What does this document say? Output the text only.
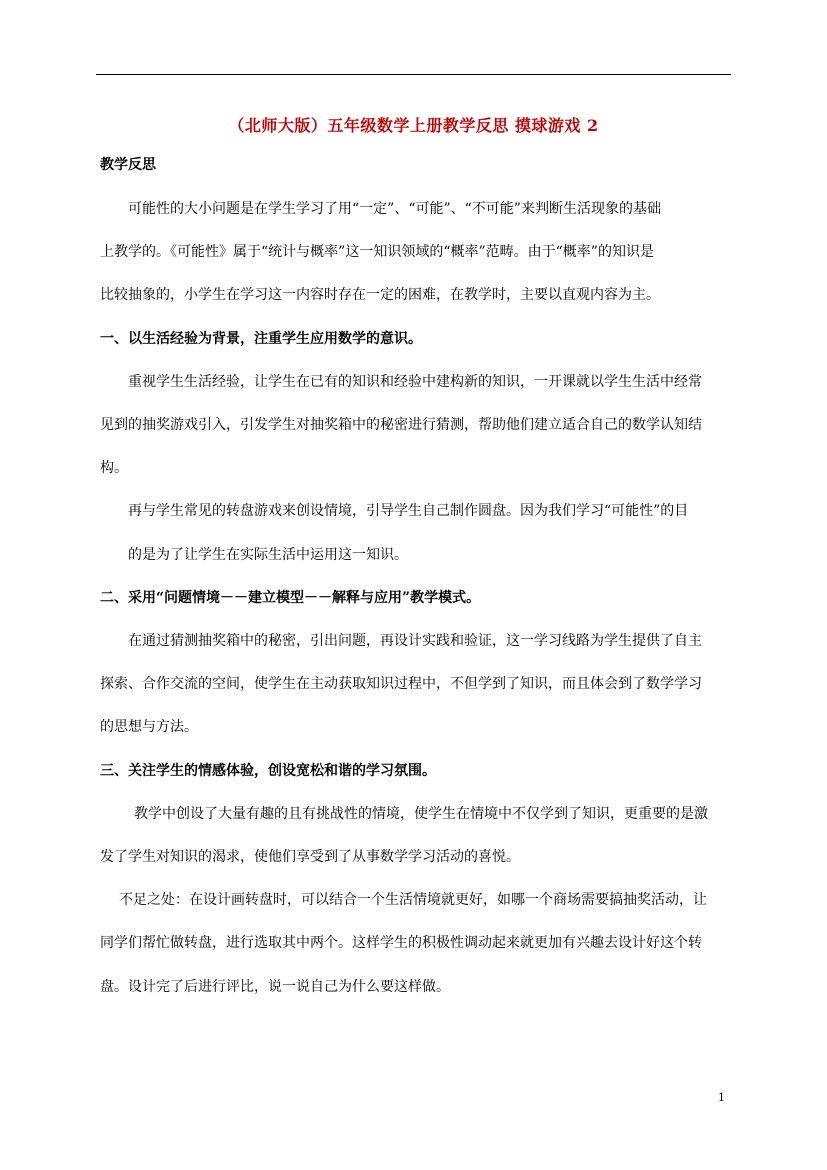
（北师大版）五年级数学上册教学反思 摸球游戏 2
教学反思
可能性的大小问题是在学生学习了用“一定”、“可能”、“不可能”来判断生活现象的基础
上教学的。《可能性》属于“统计与概率”这一知识领域的“概率”范畴。由于“概率”的知识是
比较抽象的，小学生在学习这一内容时存在一定的困难，在教学时，主要以直观内容为主。
一、以生活经验为背景，注重学生应用数学的意识。
重视学生生活经验，让学生在已有的知识和经验中建构新的知识，一开课就以学生生活中经常
见到的抽奖游戏引入，引发学生对抽奖箱中的秘密进行猜测，帮助他们建立适合自己的数学认知结
构。
再与学生常见的转盘游戏来创设情境，引导学生自己制作圆盘。因为我们学习“可能性”的目
的是为了让学生在实际生活中运用这一知识。
二、采用“问题情境－－建立模型－－解释与应用”教学模式。
在通过猜测抽奖箱中的秘密，引出问题，再设计实践和验证，这一学习线路为学生提供了自主
探索、合作交流的空间，使学生在主动获取知识过程中，不但学到了知识，而且体会到了数学学习
的思想与方法。
三、关注学生的情感体验，创设宽松和谐的学习氛围。
教学中创设了大量有趣的且有挑战性的情境，使学生在情境中不仅学到了知识，更重要的是激
发了学生对知识的渴求，使他们享受到了从事数学学习活动的喜悦。
不足之处：在设计画转盘时，可以结合一个生活情境就更好，如哪一个商场需要搞抽奖活动，让
同学们帮忙做转盘，进行选取其中两个。这样学生的积极性调动起来就更加有兴趣去设计好这个转
盘。设计完了后进行评比，说一说自己为什么要这样做。
1
